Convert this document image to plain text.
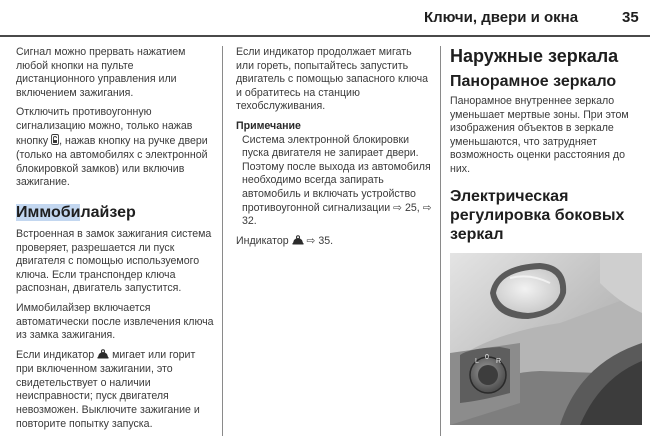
Ключи, двери и окна	35

Сигнал можно прервать нажатием любой кнопки на пульте дистанционного управления или включением зажигания.

Отключить противоугонную сигнализацию можно, только нажав кнопку , нажав кнопку на ручке двери (только на автомобилях с электронной блокировкой замков) или включив зажигание.

Иммобилайзер

Встроенная в замок зажигания система проверяет, разрешается ли пуск двигателя с помощью используемого ключа. Если транспондер ключа распознан, двигатель запустится.

Иммобилайзер включается автоматически после извлечения ключа из замка зажигания.

Если индикатор мигает или горит при включенном зажигании, это свидетельствует о наличии неисправности; пуск двигателя невозможен. Выключите зажигание и повторите попытку запуска.

Если индикатор продолжает мигать или гореть, попытайтесь запустить двигатель с помощью запасного ключа и обратитесь на станцию техобслуживания.

Примечание

Система электронной блокировки пуска двигателя не запирает двери. Поэтому после выхода из автомобиля необходимо всегда запирать автомобиль и включать устройство противоугонной сигнализации ⇨ 25, ⇨ 32.

Индикатор ⇨ 35.

Наружные зеркала
Панорамное зеркало

Панорамное внутреннее зеркало уменьшает мертвые зоны. При этом изображения объектов в зеркале уменьшаются, что затрудняет возможность оценки расстояния до них.

Электрическая регулировка боковых зеркал
L
0
R
